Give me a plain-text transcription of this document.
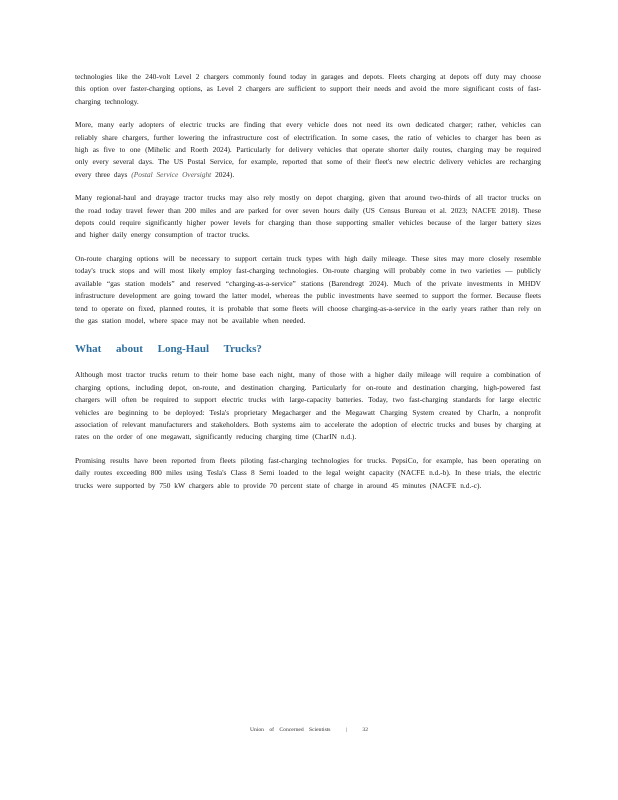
technologies like the 240-volt Level 2 chargers commonly found today in garages and depots. Fleets charging at depots off duty may choose this option over faster-charging options, as Level 2 chargers are sufficient to support their needs and avoid the more significant costs of fast-charging technology.

More, many early adopters of electric trucks are finding that every vehicle does not need its own dedicated charger; rather, vehicles can reliably share chargers, further lowering the infrastructure cost of electrification. In some cases, the ratio of vehicles to charger has been as high as five to one (Mihelic and Roeth 2024). Particularly for delivery vehicles that operate shorter daily routes, charging may be required only every several days. The US Postal Service, for example, reported that some of their fleet's new electric delivery vehicles are recharging every three days (Postal Service Oversight 2024).

Many regional-haul and drayage tractor trucks may also rely mostly on depot charging, given that around two-thirds of all tractor trucks on the road today travel fewer than 200 miles and are parked for over seven hours daily (US Census Bureau et al. 2023; NACFE 2018). These depots could require significantly higher power levels for charging than those supporting smaller vehicles because of the larger battery sizes and higher daily energy consumption of tractor trucks.

On-route charging options will be necessary to support certain truck types with high daily mileage. These sites may more closely resemble today's truck stops and will most likely employ fast-charging technologies. On-route charging will probably come in two varieties — publicly available “gas station models” and reserved “charging-as-a-service” stations (Barendregt 2024). Much of the private investments in MHDV infrastructure development are going toward the latter model, whereas the public investments have seemed to support the former. Because fleets tend to operate on fixed, planned routes, it is probable that some fleets will choose charging-as-a-service in the early years rather than rely on the gas station model, where space may not be available when needed.

What about Long-Haul Trucks?

Although most tractor trucks return to their home base each night, many of those with a higher daily mileage will require a combination of charging options, including depot, on-route, and destination charging. Particularly for on-route and destination charging, high-powered fast chargers will often be required to support electric trucks with large-capacity batteries. Today, two fast-charging standards for large electric vehicles are beginning to be deployed: Tesla's proprietary Megacharger and the Megawatt Charging System created by CharIn, a nonprofit association of relevant manufacturers and stakeholders. Both systems aim to accelerate the adoption of electric trucks and buses by charging at rates on the order of one megawatt, significantly reducing charging time (CharIN n.d.).

Promising results have been reported from fleets piloting fast-charging technologies for trucks. PepsiCo, for example, has been operating on daily routes exceeding 800 miles using Tesla's Class 8 Semi loaded to the legal weight capacity (NACFE n.d.-b). In these trials, the electric trucks were supported by 750 kW chargers able to provide 70 percent state of charge in around 45 minutes (NACFE n.d.-c).

Union of Concerned Scientists	|	32
